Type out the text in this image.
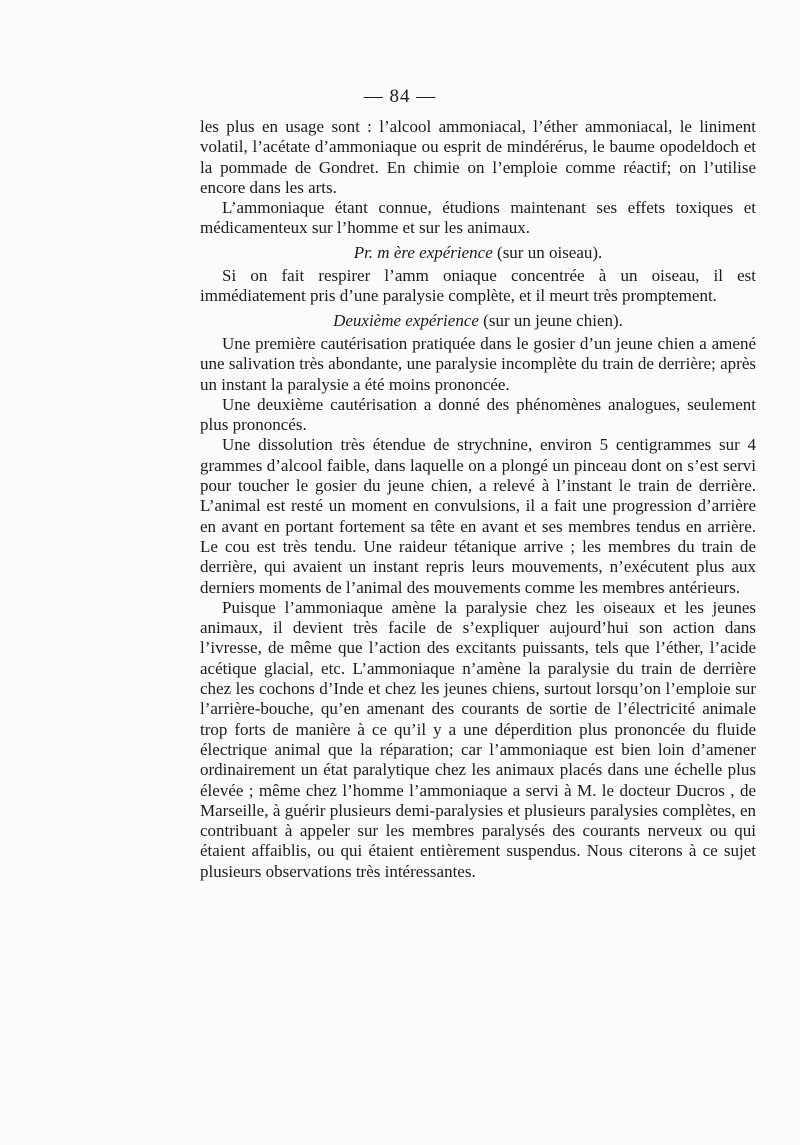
— 84 —

les plus en usage sont : l’alcool ammoniacal, l’éther ammoniacal, le liniment volatil, l’acétate d’ammoniaque ou esprit de mindérérus, le baume opodeldoch et la pommade de Gondret. En chimie on l’emploie comme réactif; on l’utilise encore dans les arts.

L’ammoniaque étant connue, étudions maintenant ses effets toxiques et médicamenteux sur l’homme et sur les animaux.

Pr. m ère expérience (sur un oiseau).

Si on fait respirer l’amm oniaque concentrée à un oiseau, il est immédiatement pris d’une paralysie complète, et il meurt très promptement.

Deuxième expérience (sur un jeune chien).

Une première cautérisation pratiquée dans le gosier d’un jeune chien a amené une salivation très abondante, une paralysie incomplète du train de derrière; après un instant la paralysie a été moins prononcée.

Une deuxième cautérisation a donné des phénomènes analogues, seulement plus prononcés.

Une dissolution très étendue de strychnine, environ 5 centigrammes sur 4 grammes d’alcool faible, dans laquelle on a plongé un pinceau dont on s’est servi pour toucher le gosier du jeune chien, a relevé à l’instant le train de derrière. L’animal est resté un moment en convulsions, il a fait une progression d’arrière en avant en portant fortement sa tête en avant et ses membres tendus en arrière. Le cou est très tendu. Une raideur tétanique arrive ; les membres du train de derrière, qui avaient un instant repris leurs mouvements, n’exécutent plus aux derniers moments de l’animal des mouvements comme les membres antérieurs.

Puisque l’ammoniaque amène la paralysie chez les oiseaux et les jeunes animaux, il devient très facile de s’expliquer aujourd’hui son action dans l’ivresse, de même que l’action des excitants puissants, tels que l’éther, l’acide acétique glacial, etc. L’ammoniaque n’amène la paralysie du train de derrière chez les cochons d’Inde et chez les jeunes chiens, surtout lorsqu’on l’emploie sur l’arrière-bouche, qu’en amenant des courants de sortie de l’électricité animale trop forts de manière à ce qu’il y a une déperdition plus prononcée du fluide électrique animal que la réparation; car l’ammoniaque est bien loin d’amener ordinairement un état paralytique chez les animaux placés dans une échelle plus élevée ; même chez l’homme l’ammoniaque a servi à M. le docteur Ducros , de Marseille, à guérir plusieurs demi-paralysies et plusieurs paralysies complètes, en contribuant à appeler sur les membres paralysés des courants nerveux ou qui étaient affaiblis, ou qui étaient entièrement suspendus. Nous citerons à ce sujet plusieurs observations très intéressantes.
